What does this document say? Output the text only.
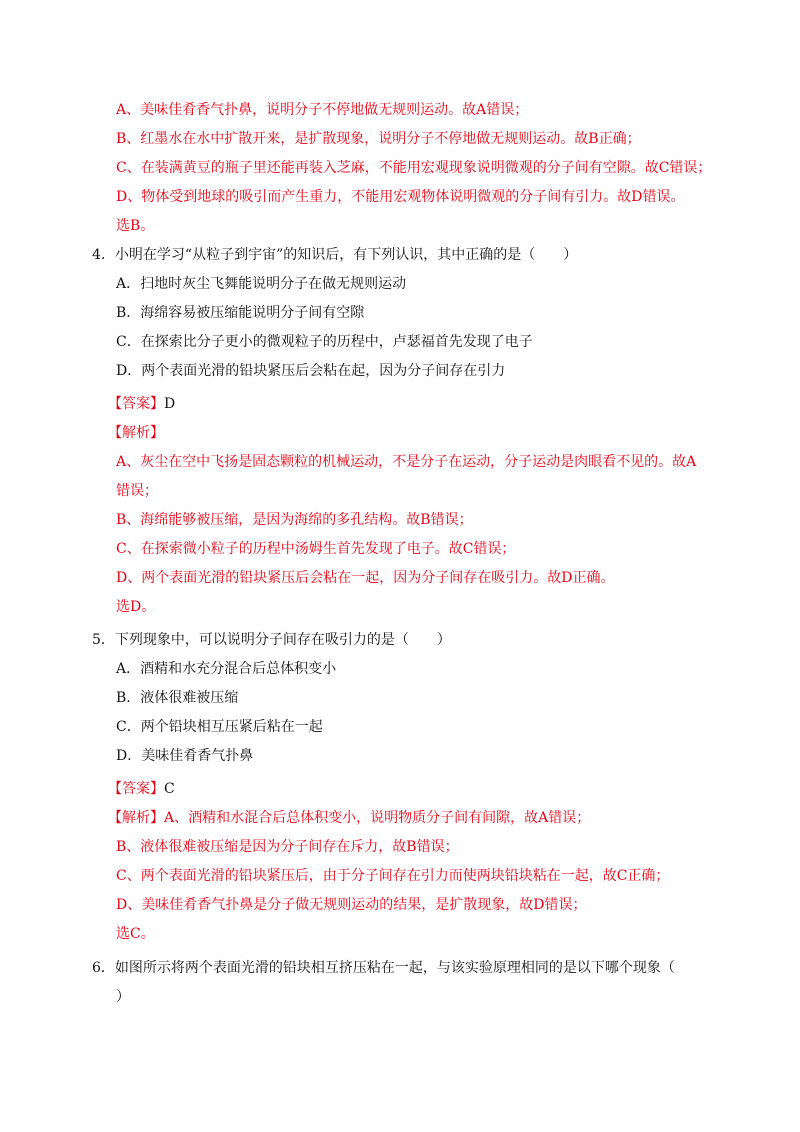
A、美味佳肴香气扑鼻，说明分子不停地做无规则运动。故A错误；
B、红墨水在水中扩散开来，是扩散现象，说明分子不停地做无规则运动。故B正确；
C、在装满黄豆的瓶子里还能再装入芝麻，不能用宏观现象说明微观的分子间有空隙。故C错误；
D、物体受到地球的吸引而产生重力，不能用宏观物体说明微观的分子间有引力。故D错误。
选B。
4．小明在学习“从粒子到宇宙”的知识后，有下列认识，其中正确的是（　　）
A．扫地时灰尘飞舞能说明分子在做无规则运动
B．海绵容易被压缩能说明分子间有空隙
C．在探索比分子更小的微观粒子的历程中，卢瑟福首先发现了电子
D．两个表面光滑的铅块紧压后会粘在起，因为分子间存在引力
【答案】D
【解析】
A、灰尘在空中飞扬是固态颗粒的机械运动，不是分子在运动，分子运动是肉眼看不见的。故A
错误；
B、海绵能够被压缩，是因为海绵的多孔结构。故B错误；
C、在探索微小粒子的历程中汤姆生首先发现了电子。故C错误；
D、两个表面光滑的铅块紧压后会粘在一起，因为分子间存在吸引力。故D正确。
选D。
5．下列现象中，可以说明分子间存在吸引力的是（　　）
A．酒精和水充分混合后总体积变小
B．液体很难被压缩
C．两个铅块相互压紧后粘在一起
D．美味佳肴香气扑鼻
【答案】C
【解析】A、酒精和水混合后总体积变小，说明物质分子间有间隙，故A错误；
B、液体很难被压缩是因为分子间存在斥力，故B错误；
C、两个表面光滑的铅块紧压后，由于分子间存在引力而使两块铅块粘在一起，故C正确；
D、美味佳肴香气扑鼻是分子做无规则运动的结果，是扩散现象，故D错误；
选C。
6．如图所示将两个表面光滑的铅块相互挤压粘在一起，与该实验原理相同的是以下哪个现象（
）
